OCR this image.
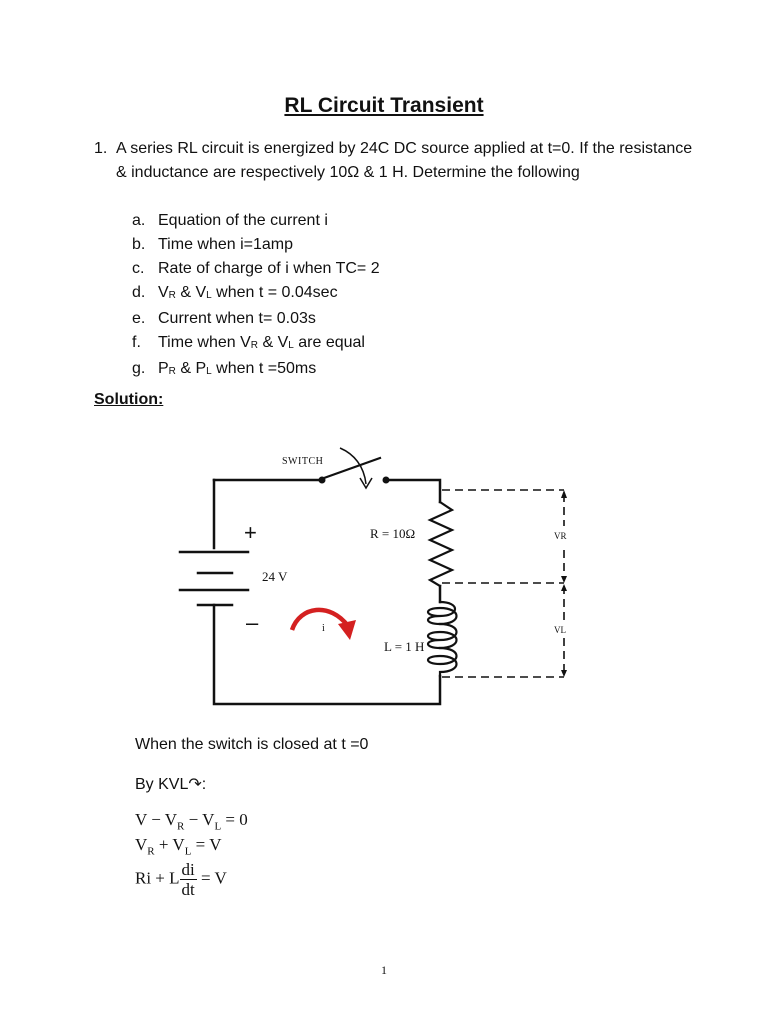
RL Circuit Transient
1. A series RL circuit is energized by 24C DC source applied at t=0. If the resistance & inductance are respectively 10Ω & 1 H. Determine the following
a. Equation of the current i
b. Time when i=1amp
c. Rate of charge of i when TC= 2
d. $V_R$ & $V_L$ when t = 0.04sec
e. Current when t= 0.03s
f.	Time when $V_R$ & $V_L$ are equal
g. $P_R$ & $P_L$ when t =50ms
Solution:
SWITCH
+
–
24 V
R = 10Ω
L = 1 H
i
VR
VL
When the switch is closed at t =0
By KVL↷:
$V - V_R - V_L = 0$
$V_R + V_L = V$
Ri + L $\frac{di}{dt} = V$
1
